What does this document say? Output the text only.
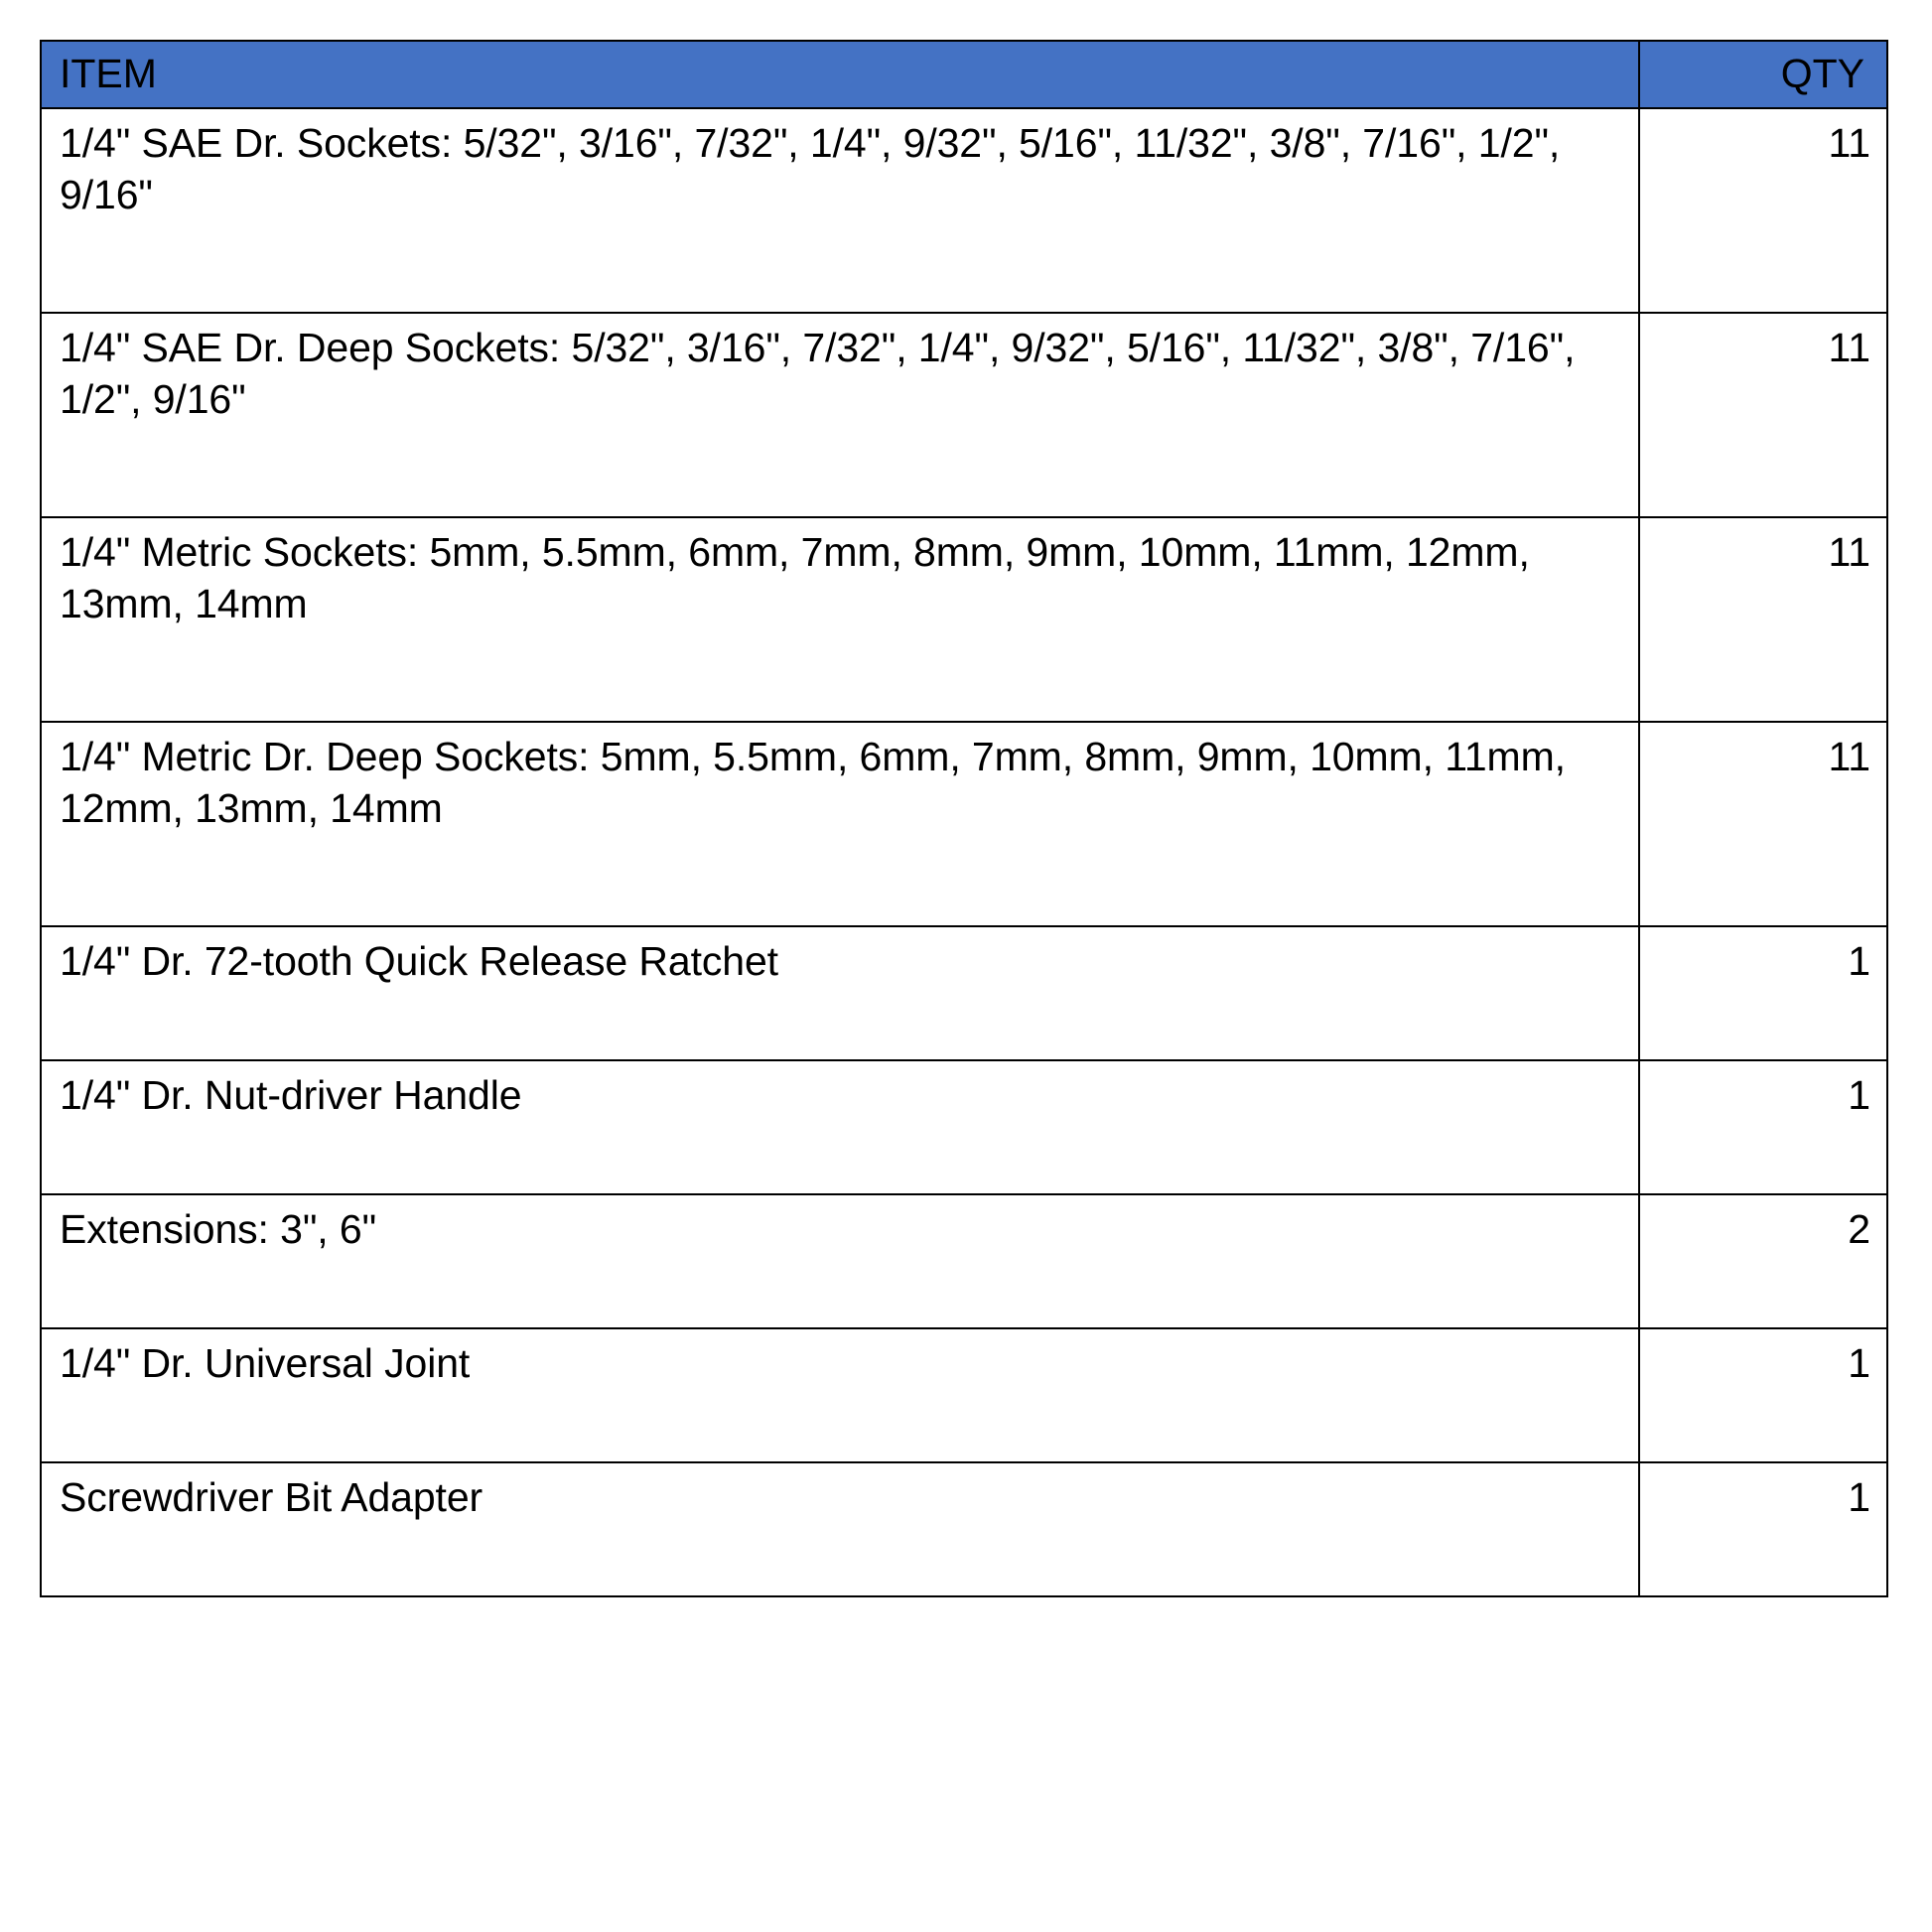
ITEM	QTY
1/4" SAE Dr. Sockets: 5/32", 3/16", 7/32", 1/4", 9/32", 5/16", 11/32", 3/8", 7/16", 1/2", 9/16"	11
1/4" SAE Dr. Deep Sockets: 5/32", 3/16", 7/32", 1/4", 9/32", 5/16", 11/32", 3/8", 7/16", 1/2", 9/16"	11
1/4" Metric Sockets: 5mm, 5.5mm, 6mm, 7mm, 8mm, 9mm, 10mm, 11mm, 12mm, 13mm, 14mm	11
1/4" Metric Dr. Deep Sockets: 5mm, 5.5mm, 6mm, 7mm, 8mm, 9mm, 10mm, 11mm, 12mm, 13mm, 14mm	11
1/4" Dr. 72-tooth Quick Release Ratchet	1
1/4" Dr. Nut-driver Handle	1
Extensions: 3", 6"	2
1/4" Dr. Universal Joint	1
Screwdriver Bit Adapter	1
